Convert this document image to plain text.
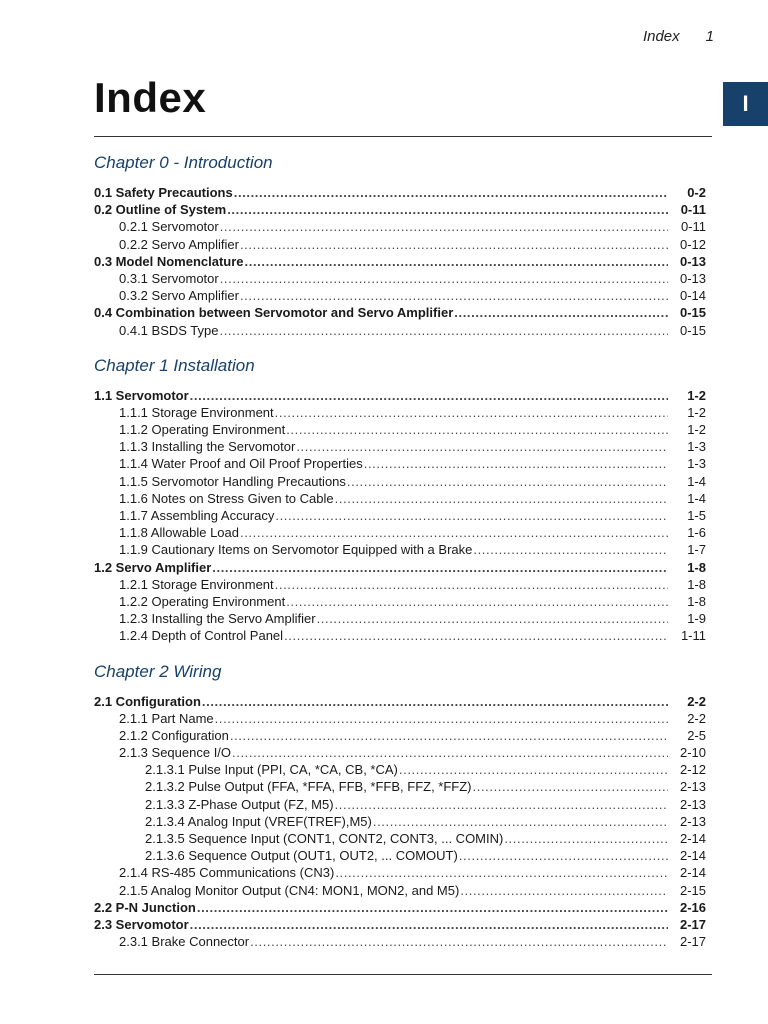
Index 1
Index	I
Chapter 0 - Introduction
0.1 Safety Precautions .....	0-2
0.2 Outline of System .....	0-11
0.2.1 Servomotor .....	0-11
0.2.2 Servo Amplifier .....	0-12
0.3 Model Nomenclature .....	0-13
0.3.1 Servomotor .....	0-13
0.3.2 Servo Amplifier .....	0-14
0.4 Combination between Servomotor and Servo Amplifier .....	0-15
0.4.1 BSDS Type .....	0-15
Chapter 1 Installation
1.1 Servomotor .....	1-2
1.1.1 Storage Environment .....	1-2
1.1.2 Operating Environment .....	1-2
1.1.3 Installing the Servomotor .....	1-3
1.1.4 Water Proof and Oil Proof Properties .....	1-3
1.1.5 Servomotor Handling Precautions .....	1-4
1.1.6 Notes on Stress Given to Cable .....	1-4
1.1.7 Assembling Accuracy .....	1-5
1.1.8 Allowable Load .....	1-6
1.1.9 Cautionary Items on Servomotor Equipped with a Brake .....	1-7
1.2 Servo Amplifier .....	1-8
1.2.1 Storage Environment .....	1-8
1.2.2 Operating Environment .....	1-8
1.2.3 Installing the Servo Amplifier .....	1-9
1.2.4 Depth of Control Panel .....	1-11
Chapter 2 Wiring
2.1 Configuration .....	2-2
2.1.1 Part Name .....	2-2
2.1.2 Configuration .....	2-5
2.1.3 Sequence I/O .....	2-10
2.1.3.1 Pulse Input (PPI, CA, *CA, CB, *CA) .....	2-12
2.1.3.2 Pulse Output (FFA, *FFA, FFB, *FFB, FFZ, *FFZ) .....	2-13
2.1.3.3 Z-Phase Output (FZ, M5) .....	2-13
2.1.3.4 Analog Input (VREF(TREF),M5) .....	2-13
2.1.3.5 Sequence Input (CONT1, CONT2, CONT3, ... COMIN) .....	2-14
2.1.3.6 Sequence Output (OUT1, OUT2, ... COMOUT) .....	2-14
2.1.4 RS-485 Communications (CN3) .....	2-14
2.1.5 Analog Monitor Output (CN4: MON1, MON2, and M5) .....	2-15
2.2 P-N Junction .....	2-16
2.3 Servomotor .....	2-17
2.3.1 Brake Connector .....	2-17
